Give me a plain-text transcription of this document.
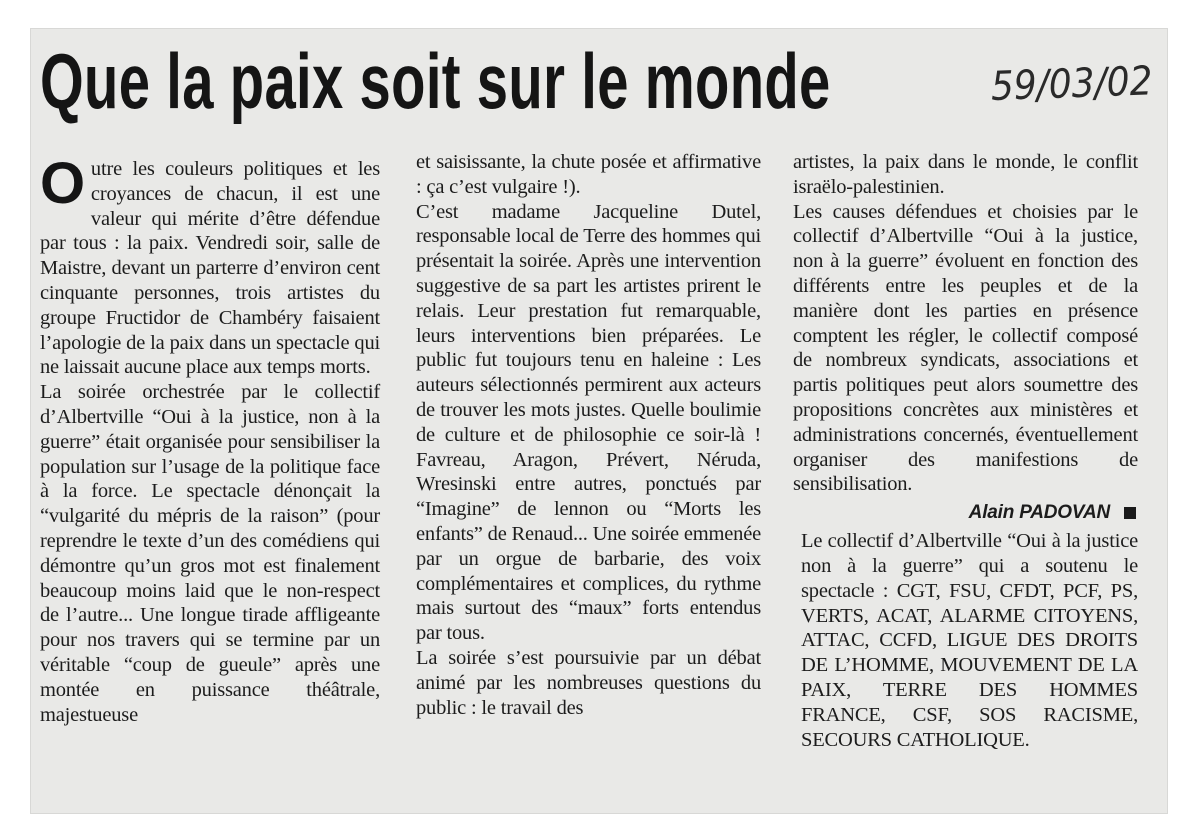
Que la paix soit sur le monde	59/03/02

Outre les couleurs politiques et les croyances de chacun, il est une valeur qui mérite d’être défendue par tous : la paix. Vendredi soir, salle de Maistre, devant un parterre d’environ cent cinquante personnes, trois artistes du groupe Fructidor de Chambéry faisaient l’apologie de la paix dans un spectacle qui ne laissait aucune place aux temps morts.

La soirée orchestrée par le collectif d’Albertville “Oui à la justice, non à la guerre” était organisée pour sensibiliser la population sur l’usage de la politique face à la force. Le spectacle dénonçait la “vulgarité du mépris de la raison” (pour reprendre le texte d’un des comédiens qui démontre qu’un gros mot est finalement beaucoup moins laid que le non-respect de l’autre... Une longue tirade affligeante pour nos travers qui se termine par un véritable “coup de gueule” après une montée en puissance théâtrale, majestueuse

et saisissante, la chute posée et affirmative : ça c’est vulgaire !).

C’est madame Jacqueline Dutel, responsable local de Terre des hommes qui présentait la soirée. Après une intervention suggestive de sa part les artistes prirent le relais. Leur prestation fut remarquable, leurs interventions bien préparées. Le public fut toujours tenu en haleine : Les auteurs sélectionnés permirent aux acteurs de trouver les mots justes. Quelle boulimie de culture et de philosophie ce soir-là ! Favreau, Aragon, Prévert, Néruda, Wresinski entre autres, ponctués par “Imagine” de lennon ou “Morts les enfants” de Renaud... Une soirée emmenée par un orgue de barbarie, des voix complémentaires et complices, du rythme mais surtout des “maux” forts entendus par tous.

La soirée s’est poursuivie par un débat animé par les nombreuses questions du public : le travail des

artistes, la paix dans le monde, le conflit israëlo-palestinien.

Les causes défendues et choisies par le collectif d’Albertville “Oui à la justice, non à la guerre” évoluent en fonction des différents entre les peuples et de la manière dont les parties en présence comptent les régler, le collectif composé de nombreux syndicats, associations et partis politiques peut alors soumettre des propositions concrètes aux ministères et administrations concernés, éventuellement organiser des manifestions de sensibilisation.

Alain PADOVAN

Le collectif d’Albertville “Oui à la justice non à la guerre” qui a soutenu le spectacle : CGT, FSU, CFDT, PCF, PS, VERTS, ACAT, ALARME CITOYENS, ATTAC, CCFD, LIGUE DES DROITS DE L’HOMME, MOUVEMENT DE LA PAIX, TERRE DES HOMMES FRANCE, CSF, SOS RACISME, SECOURS CATHOLIQUE.
